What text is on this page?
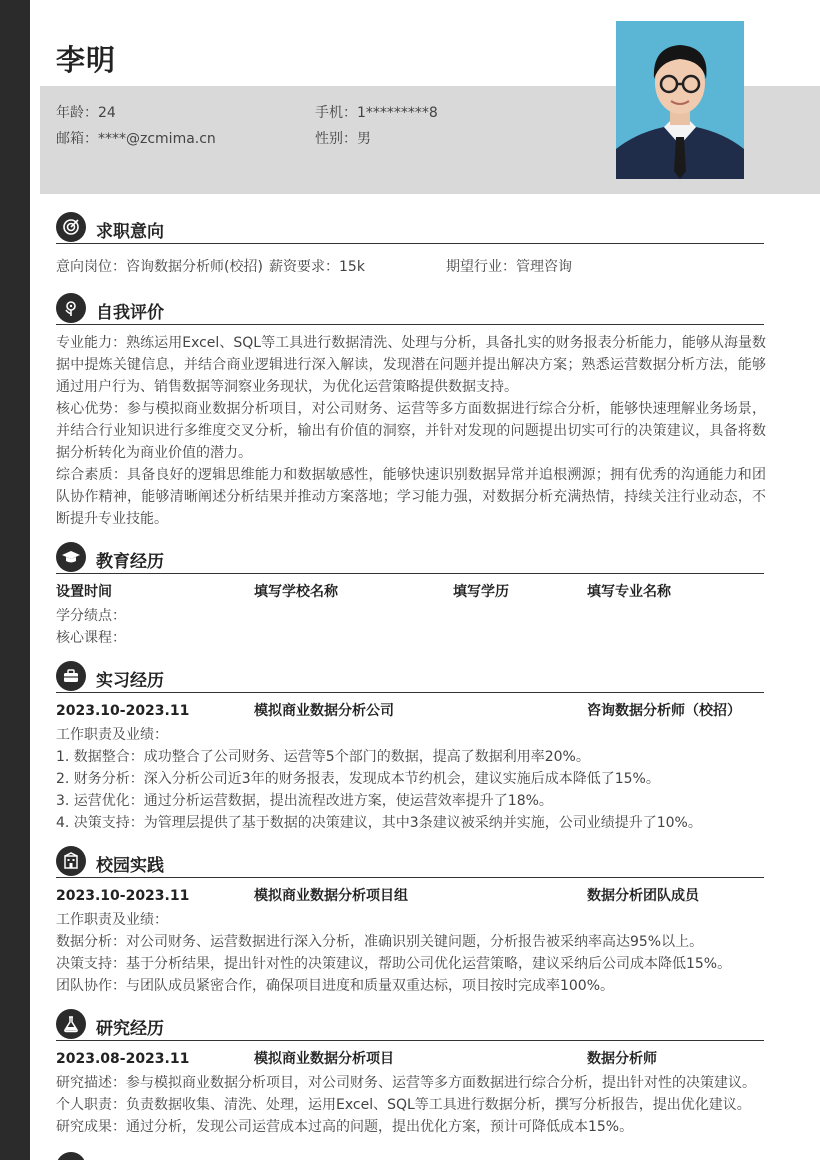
李明
年龄：24	手机：1*********8
邮箱：****@zcmima.cn	性别：男
求职意向
意向岗位：咨询数据分析师(校招) 薪资要求：15k	期望行业：管理咨询
自我评价
专业能力：熟练运用Excel、SQL等工具进行数据清洗、处理与分析，具备扎实的财务报表分析能力，能够从海量数据中提炼关键信息，并结合商业逻辑进行深入解读，发现潜在问题并提出解决方案；熟悉运营数据分析方法，能够通过用户行为、销售数据等洞察业务现状，为优化运营策略提供数据支持。
核心优势：参与模拟商业数据分析项目，对公司财务、运营等多方面数据进行综合分析，能够快速理解业务场景，并结合行业知识进行多维度交叉分析，输出有价值的洞察，并针对发现的问题提出切实可行的决策建议，具备将数据分析转化为商业价值的潜力。
综合素质：具备良好的逻辑思维能力和数据敏感性，能够快速识别数据异常并追根溯源；拥有优秀的沟通能力和团队协作精神，能够清晰阐述分析结果并推动方案落地；学习能力强，对数据分析充满热情，持续关注行业动态，不断提升专业技能。
教育经历
设置时间	填写学校名称	填写学历	填写专业名称
学分绩点：
核心课程：
实习经历
2023.10-2023.11	模拟商业数据分析公司	咨询数据分析师（校招）
工作职责及业绩：
1. 数据整合：成功整合了公司财务、运营等5个部门的数据，提高了数据利用率20%。
2. 财务分析：深入分析公司近3年的财务报表，发现成本节约机会，建议实施后成本降低了15%。
3. 运营优化：通过分析运营数据，提出流程改进方案，使运营效率提升了18%。
4. 决策支持：为管理层提供了基于数据的决策建议，其中3条建议被采纳并实施，公司业绩提升了10%。
校园实践
2023.10-2023.11	模拟商业数据分析项目组	数据分析团队成员
工作职责及业绩：
数据分析：对公司财务、运营数据进行深入分析，准确识别关键问题，分析报告被采纳率高达95%以上。
决策支持：基于分析结果，提出针对性的决策建议，帮助公司优化运营策略，建议采纳后公司成本降低15%。
团队协作：与团队成员紧密合作，确保项目进度和质量双重达标，项目按时完成率100%。
研究经历
2023.08-2023.11	模拟商业数据分析项目	数据分析师
研究描述：参与模拟商业数据分析项目，对公司财务、运营等多方面数据进行综合分析，提出针对性的决策建议。
个人职责：负责数据收集、清洗、处理，运用Excel、SQL等工具进行数据分析，撰写分析报告，提出优化建议。
研究成果：通过分析，发现公司运营成本过高的问题，提出优化方案，预计可降低成本15%。
